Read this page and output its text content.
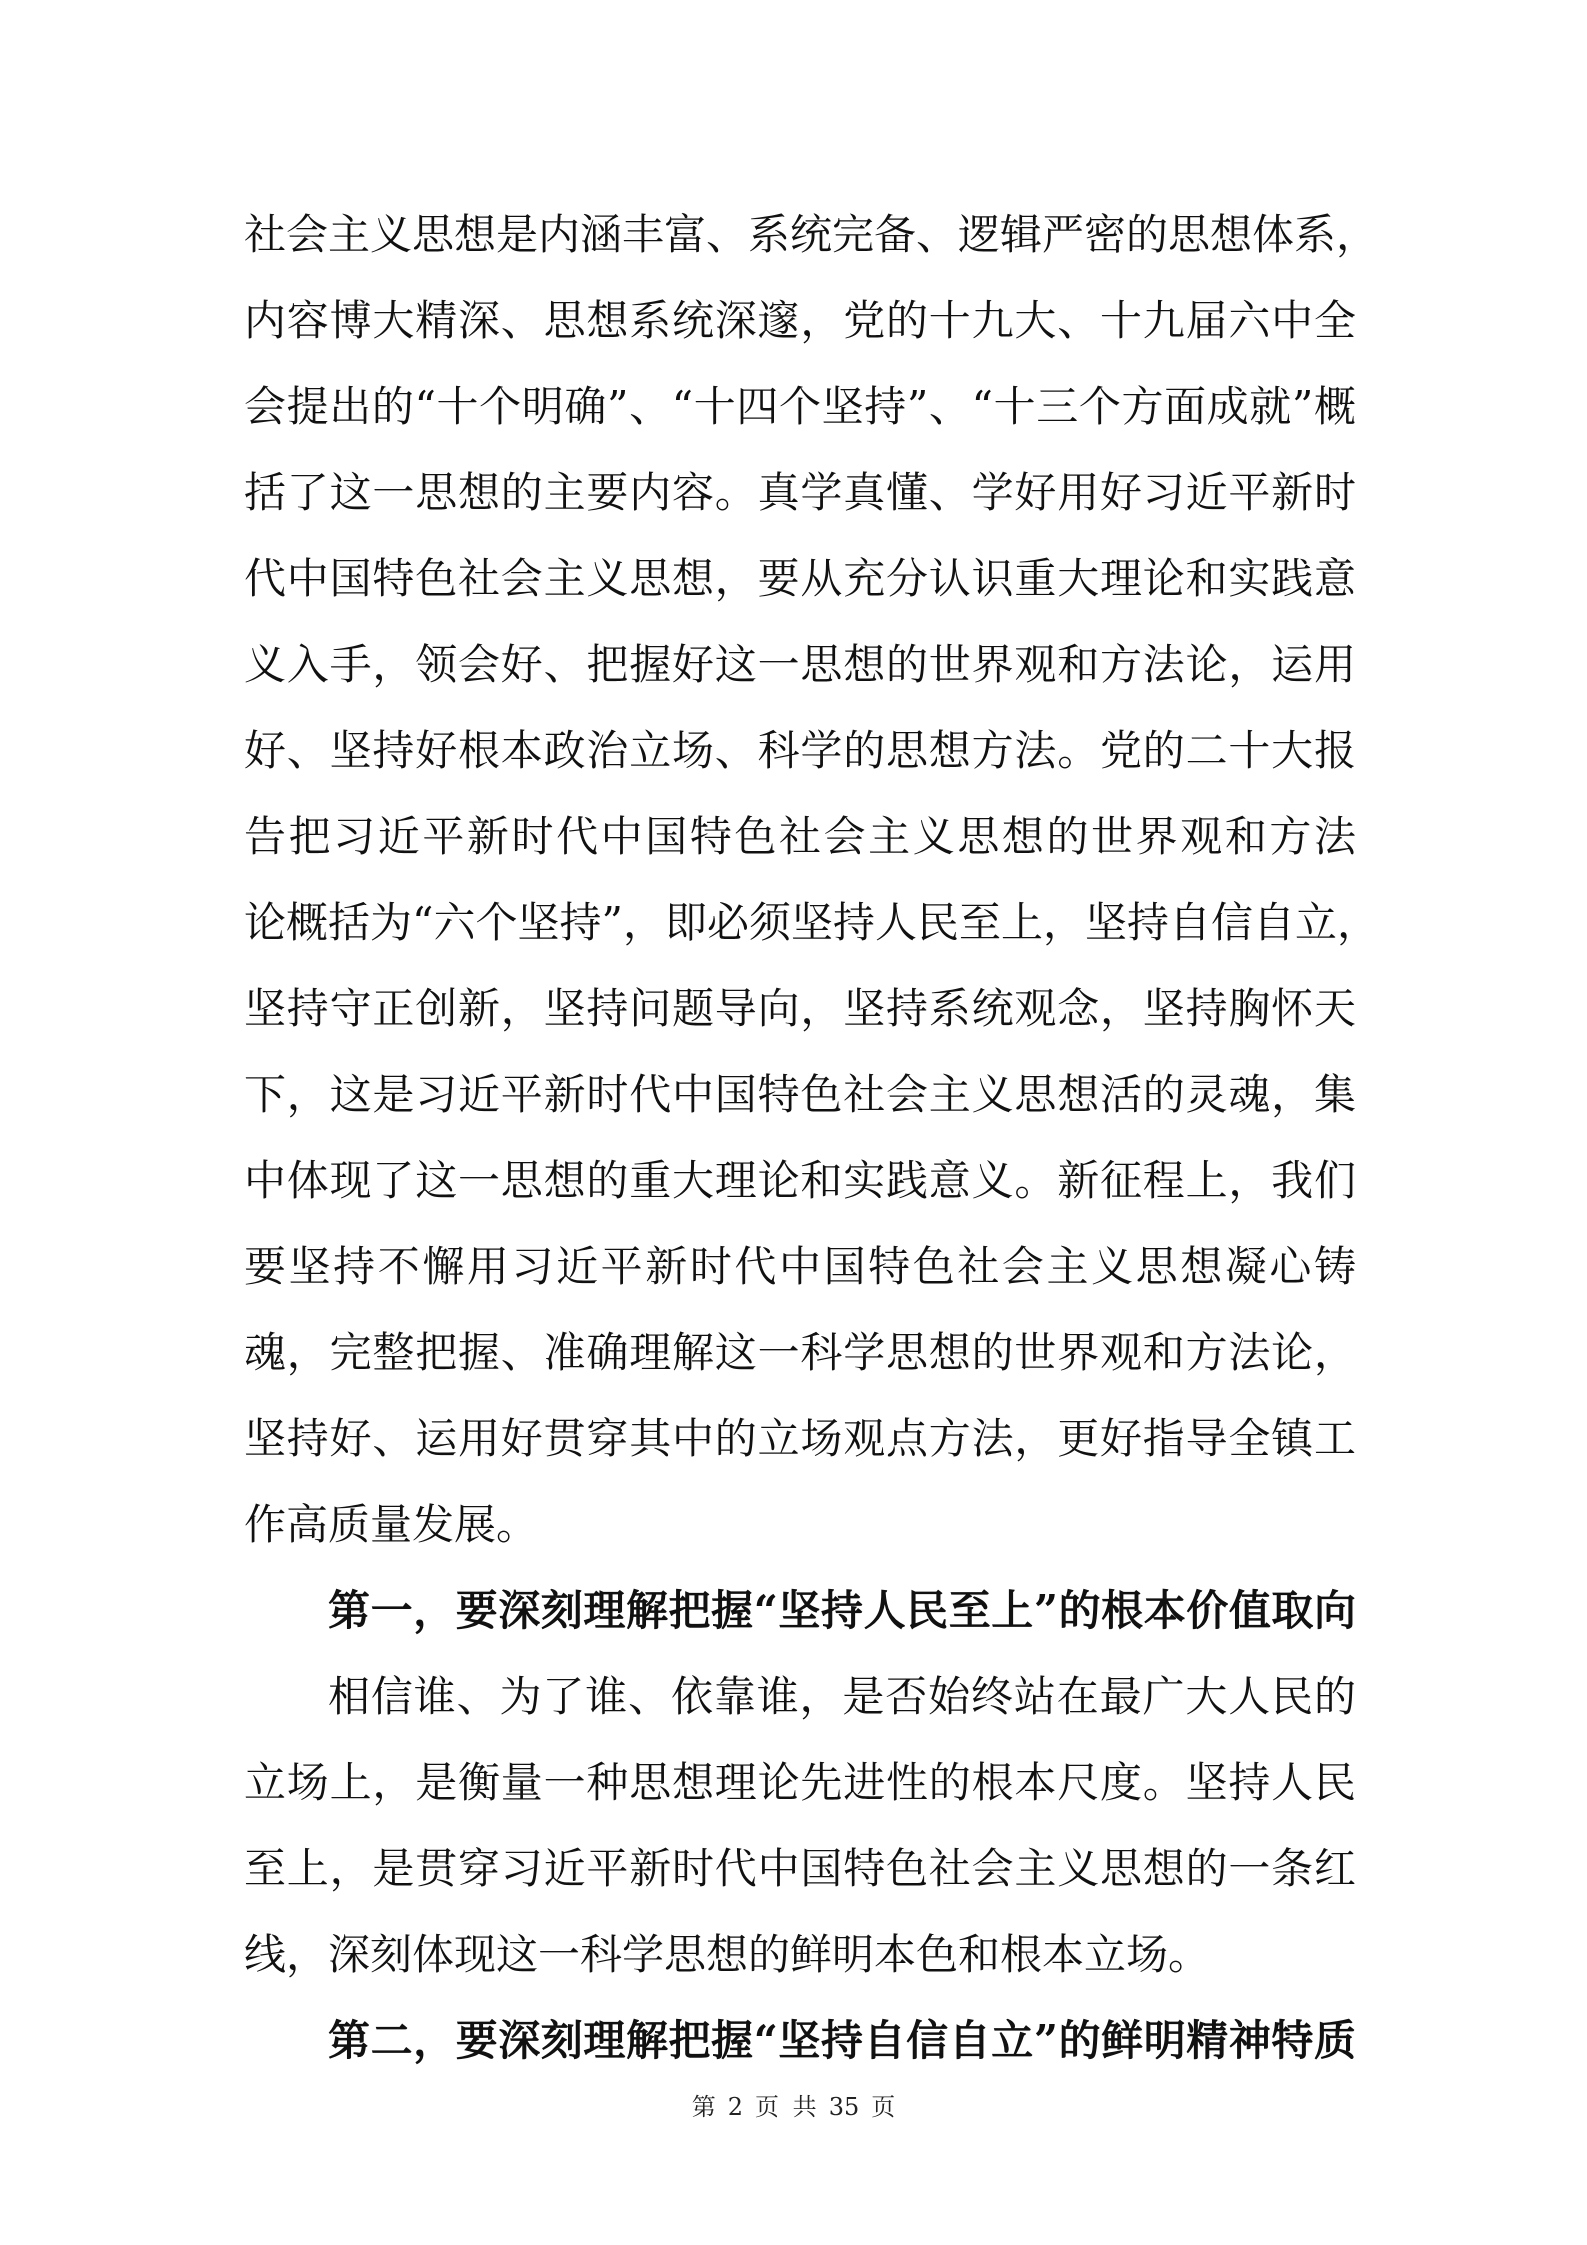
社会主义思想是内涵丰富、系统完备、逻辑严密的思想体系，
内容博大精深、思想系统深邃，党的十九大、十九届六中全
会提出的“十个明确”、“十四个坚持”、“十三个方面成就”概
括了这一思想的主要内容。真学真懂、学好用好习近平新时
代中国特色社会主义思想，要从充分认识重大理论和实践意
义入手，领会好、把握好这一思想的世界观和方法论，运用
好、坚持好根本政治立场、科学的思想方法。党的二十大报
告把习近平新时代中国特色社会主义思想的世界观和方法
论概括为“六个坚持”，即必须坚持人民至上，坚持自信自立，
坚持守正创新，坚持问题导向，坚持系统观念，坚持胸怀天
下，这是习近平新时代中国特色社会主义思想活的灵魂，集
中体现了这一思想的重大理论和实践意义。新征程上，我们
要坚持不懈用习近平新时代中国特色社会主义思想凝心铸
魂，完整把握、准确理解这一科学思想的世界观和方法论，
坚持好、运用好贯穿其中的立场观点方法，更好指导全镇工
作高质量发展。
第一，要深刻理解把握“坚持人民至上”的根本价值取向
相信谁、为了谁、依靠谁，是否始终站在最广大人民的
立场上，是衡量一种思想理论先进性的根本尺度。坚持人民
至上，是贯穿习近平新时代中国特色社会主义思想的一条红
线，深刻体现这一科学思想的鲜明本色和根本立场。
第二，要深刻理解把握“坚持自信自立”的鲜明精神特质
第 2 页 共 35 页
